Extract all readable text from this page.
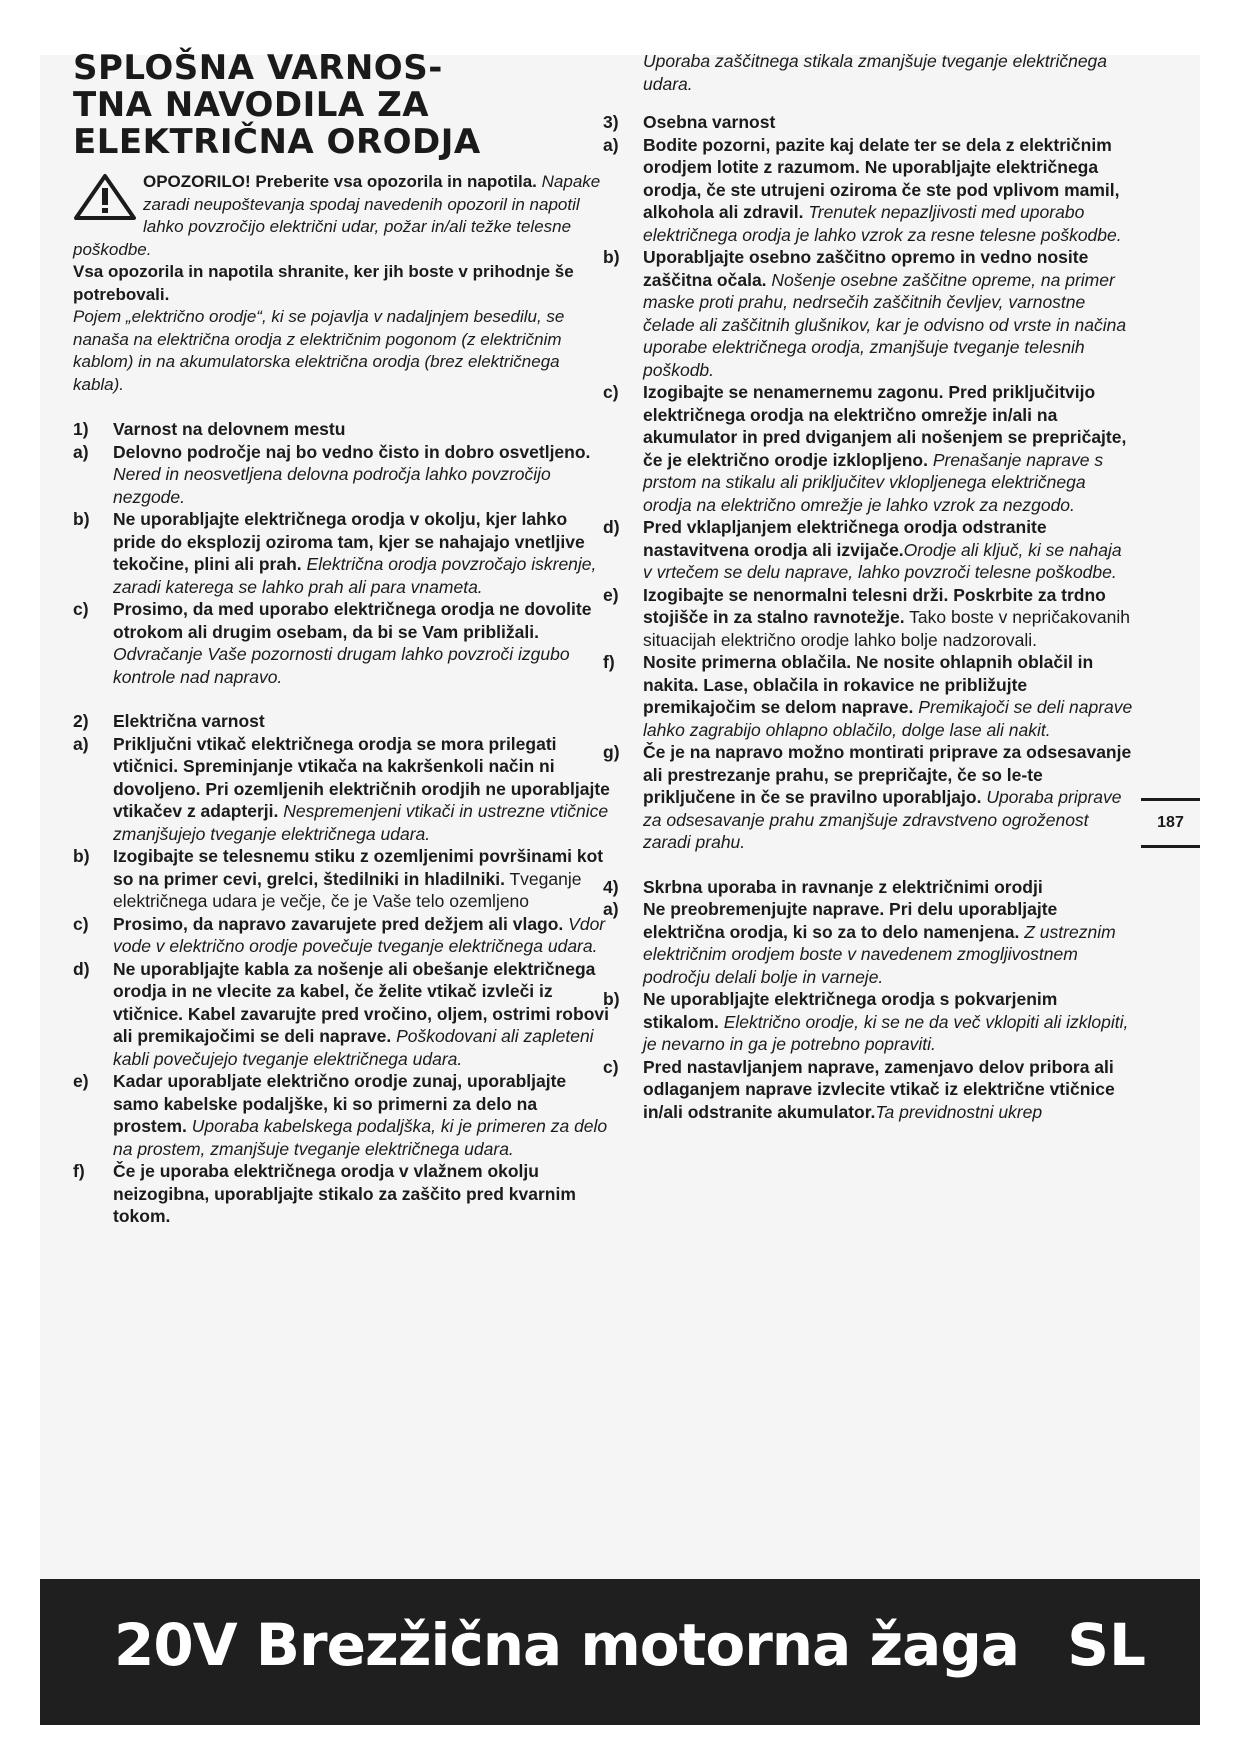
SPLOŠNA VARNOS-
TNA NAVODILA ZA
ELEKTRIČNA ORODJA

OPOZORILO! Preberite vsa opozorila in napotila. Napake zaradi neupoštevanja spodaj navedenih opozoril in napotil lahko povzročijo električni udar, požar in/ali težke telesne poškodbe.

Vsa opozorila in napotila shranite, ker jih boste v prihodnje še potrebovali.

Pojem „električno orodje“, ki se pojavlja v nadaljnjem besedilu, se nanaša na električna orodja z električnim pogonom (z električnim kablom) in na akumulatorska električna orodja (brez električnega kabla).

1)	Varnost na delovnem mestu
a)	Delovno področje naj bo vedno čisto in dobro osvetljeno. Nered in neosvetljena delovna področja lahko povzročijo nezgode.
b)	Ne uporabljajte električnega orodja v okolju, kjer lahko pride do eksplozij oziroma tam, kjer se nahajajo vnetljive tekočine, plini ali prah. Električna orodja povzročajo iskrenje, zaradi katerega se lahko prah ali para vnameta.
c)	Prosimo, da med uporabo električnega orodja ne dovolite otrokom ali drugim osebam, da bi se Vam približali. Odvračanje Vaše pozornosti drugam lahko povzroči izgubo kontrole nad napravo.
2)	Električna varnost
a)	Priključni vtikač električnega orodja se mora prilegati vtičnici. Spreminjanje vtikača na kakršenkoli način ni dovoljeno. Pri ozemljenih električnih orodjih ne uporabljajte vtikačev z adapterji. Nespremenjeni vtikači in ustrezne vtičnice zmanjšujejo tveganje električnega udara.
b)	Izogibajte se telesnemu stiku z ozemljenimi površinami kot so na primer cevi, grelci, štedilniki in hladilniki. Tveganje električnega udara je večje, če je Vaše telo ozemljeno
c)	Prosimo, da napravo zavarujete pred dežjem ali vlago. Vdor vode v električno orodje povečuje tveganje električnega udara.
d)	Ne uporabljajte kabla za nošenje ali obešanje električnega orodja in ne vlecite za kabel, če želite vtikač izvleči iz vtičnice. Kabel zavarujte pred vročino, oljem, ostrimi robovi ali premikajočimi se deli naprave. Poškodovani ali zapleteni kabli povečujejo tveganje električnega udara.
e)	Kadar uporabljate električno orodje zunaj, uporabljajte samo kabelske podaljške, ki so primerni za delo na prostem. Uporaba kabelskega podaljška, ki je primeren za delo na prostem, zmanjšuje tveganje električnega udara.
f)	Če je uporaba električnega orodja v vlažnem okolju neizogibna, uporabljajte stikalo za zaščito pred kvarnim tokom.
Uporaba zaščitnega stikala zmanjšuje tveganje električnega udara.
3)	Osebna varnost
a)	Bodite pozorni, pazite kaj delate ter se dela z električnim orodjem lotite z razumom. Ne uporabljajte električnega orodja, če ste utrujeni oziroma če ste pod vplivom mamil, alkohola ali zdravil. Trenutek nepazljivosti med uporabo električnega orodja je lahko vzrok za resne telesne poškodbe.
b)	Uporabljajte osebno zaščitno opremo in vedno nosite zaščitna očala. Nošenje osebne zaščitne opreme, na primer maske proti prahu, nedrsečih zaščitnih čevljev, varnostne čelade ali zaščitnih glušnikov, kar je odvisno od vrste in načina uporabe električnega orodja, zmanjšuje tveganje telesnih poškodb.
c)	Izogibajte se nenamernemu zagonu. Pred priključitvijo električnega orodja na električno omrežje in/ali na akumulator in pred dviganjem ali nošenjem se prepričajte, če je električno orodje izklopljeno. Prenašanje naprave s prstom na stikalu ali priključitev vklopljenega električnega orodja na električno omrežje je lahko vzrok za nezgodo.
d)	Pred vklapljanjem električnega orodja odstranite nastavitvena orodja ali izvijače.Orodje ali ključ, ki se nahaja v vrtečem se delu naprave, lahko povzroči telesne poškodbe.
e)	Izogibajte se nenormalni telesni drži. Poskrbite za trdno stojišče in za stalno ravnotežje. Tako boste v nepričakovanih situacijah električno orodje lahko bolje nadzorovali.
f)	Nosite primerna oblačila. Ne nosite ohlapnih oblačil in nakita. Lase, oblačila in rokavice ne približujte premikajočim se delom naprave. Premikajoči se deli naprave lahko zagrabijo ohlapno oblačilo, dolge lase ali nakit.
g)	Če je na napravo možno montirati priprave za odsesavanje ali prestrezanje prahu, se prepričajte, če so le-te priključene in če se pravilno uporabljajo. Uporaba priprave za odsesavanje prahu zmanjšuje zdravstveno ogroženost zaradi prahu.
4)	Skrbna uporaba in ravnanje z električnimi orodji
a)	Ne preobremenjujte naprave. Pri delu uporabljajte električna orodja, ki so za to delo namenjena. Z ustreznim električnim orodjem boste v navedenem zmogljivostnem področju delali bolje in varneje.
b)	Ne uporabljajte električnega orodja s pokvarjenim stikalom. Električno orodje, ki se ne da več vklopiti ali izklopiti, je nevarno in ga je potrebno popraviti.
c)	Pred nastavljanjem naprave, zamenjavo delov pribora ali odlaganjem naprave izvlecite vtikač iz električne vtičnice in/ali odstranite akumulator.Ta previdnostni ukrep
187
20V Brezžična motorna žaga SL
